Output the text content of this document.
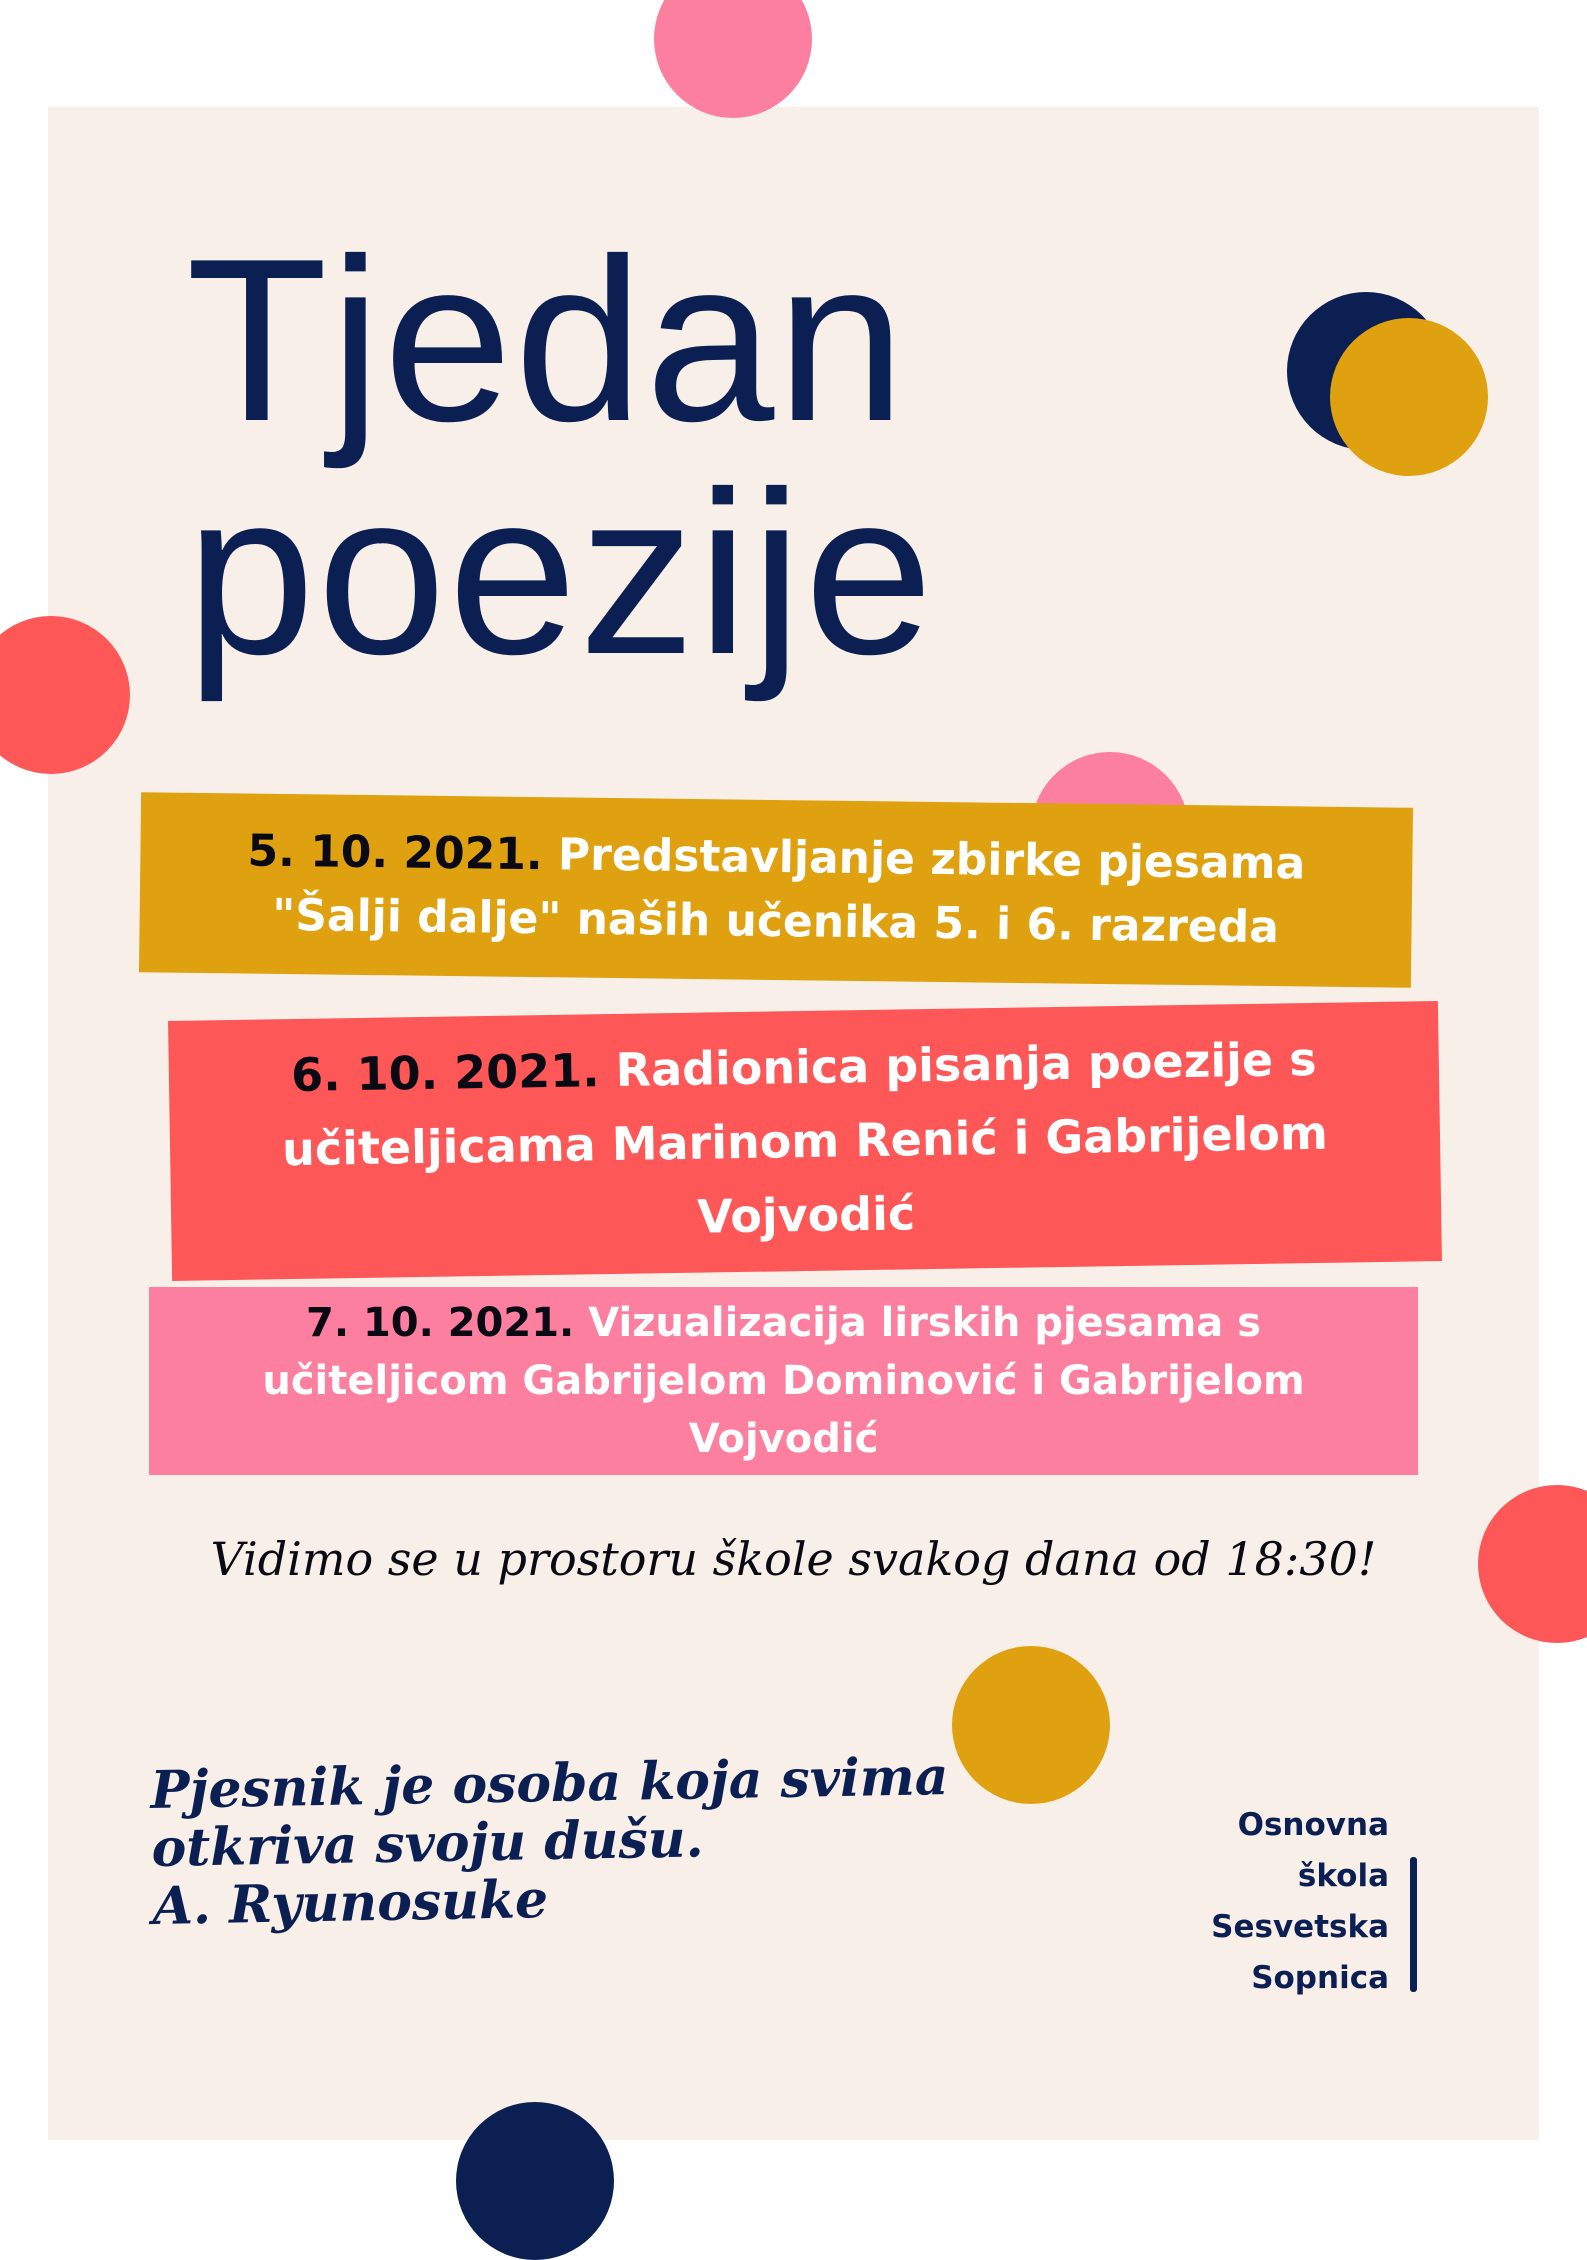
Tjedan
poezije

5. 10. 2021. Predstavljanje zbirke pjesama

"Šalji dalje" naših učenika 5. i 6. razreda

6. 10. 2021. Radionica pisanja poezije s

učiteljicama Marinom Renić i Gabrijelom

Vojvodić

7. 10. 2021. Vizualizacija lirskih pjesama s

učiteljicom Gabrijelom Dominović i Gabrijelom

Vojvodić

Vidimo se u prostoru škole svakog dana od 18:30!

Pjesnik je osoba koja svima
otkriva svoju dušu.
A. Ryunosuke
Osnovna
škola
Sesvetska
Sopnica
